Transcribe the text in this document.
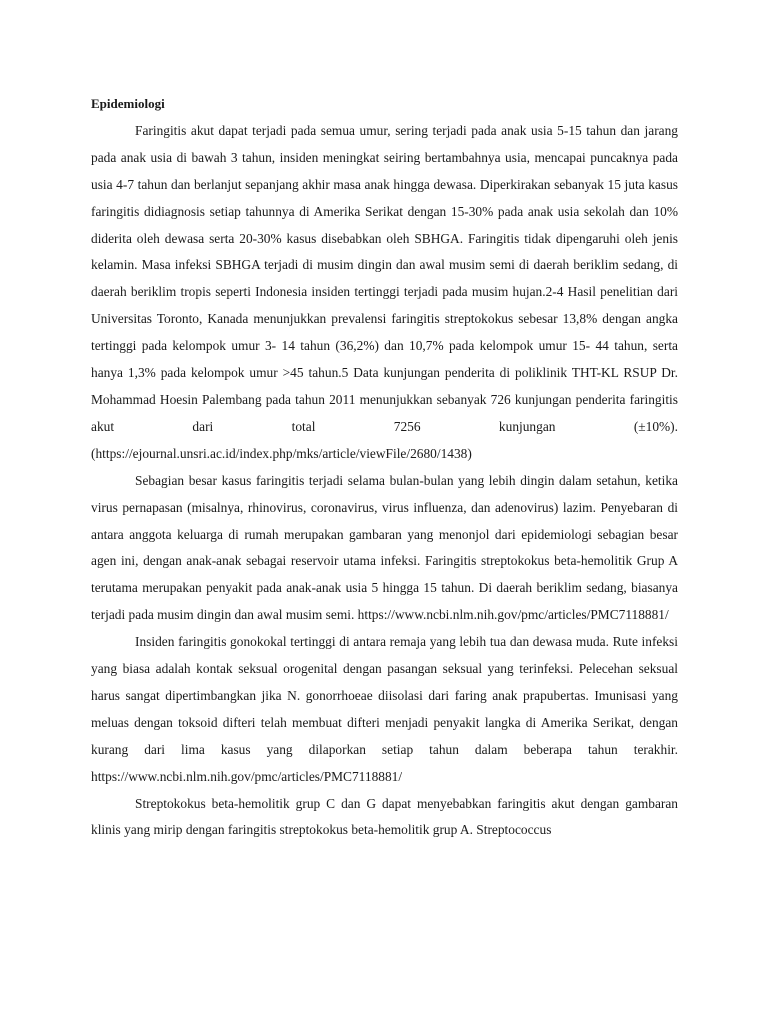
Epidemiologi

Faringitis akut dapat terjadi pada semua umur, sering terjadi pada anak usia 5-15 tahun dan jarang pada anak usia di bawah 3 tahun, insiden meningkat seiring bertambahnya usia, mencapai puncaknya pada usia 4-7 tahun dan berlanjut sepanjang akhir masa anak hingga dewasa. Diperkirakan sebanyak 15 juta kasus faringitis didiagnosis setiap tahunnya di Amerika Serikat dengan 15-30% pada anak usia sekolah dan 10% diderita oleh dewasa serta 20-30% kasus disebabkan oleh SBHGA. Faringitis tidak dipengaruhi oleh jenis kelamin. Masa infeksi SBHGA terjadi di musim dingin dan awal musim semi di daerah beriklim sedang, di daerah beriklim tropis seperti Indonesia insiden tertinggi terjadi pada musim hujan.2-4 Hasil penelitian dari Universitas Toronto, Kanada menunjukkan prevalensi faringitis streptokokus sebesar 13,8% dengan angka tertinggi pada kelompok umur 3- 14 tahun (36,2%) dan 10,7% pada kelompok umur 15- 44 tahun, serta hanya 1,3% pada kelompok umur >45 tahun.5 Data kunjungan penderita di poliklinik THT-KL RSUP Dr. Mohammad Hoesin Palembang pada tahun 2011 menunjukkan sebanyak 726 kunjungan penderita faringitis akut dari total 7256 kunjungan (±10%). (https://ejournal.unsri.ac.id/index.php/mks/article/viewFile/2680/1438)

Sebagian besar kasus faringitis terjadi selama bulan-bulan yang lebih dingin dalam setahun, ketika virus pernapasan (misalnya, rhinovirus, coronavirus, virus influenza, dan adenovirus) lazim. Penyebaran di antara anggota keluarga di rumah merupakan gambaran yang menonjol dari epidemiologi sebagian besar agen ini, dengan anak-anak sebagai reservoir utama infeksi. Faringitis streptokokus beta-hemolitik Grup A terutama merupakan penyakit pada anak-anak usia 5 hingga 15 tahun. Di daerah beriklim sedang, biasanya terjadi pada musim dingin dan awal musim semi. https://www.ncbi.nlm.nih.gov/pmc/articles/PMC7118881/

Insiden faringitis gonokokal tertinggi di antara remaja yang lebih tua dan dewasa muda. Rute infeksi yang biasa adalah kontak seksual orogenital dengan pasangan seksual yang terinfeksi. Pelecehan seksual harus sangat dipertimbangkan jika N. gonorrhoeae diisolasi dari faring anak prapubertas. Imunisasi yang meluas dengan toksoid difteri telah membuat difteri menjadi penyakit langka di Amerika Serikat, dengan kurang dari lima kasus yang dilaporkan setiap tahun dalam beberapa tahun terakhir. https://www.ncbi.nlm.nih.gov/pmc/articles/PMC7118881/

Streptokokus beta-hemolitik grup C dan G dapat menyebabkan faringitis akut dengan gambaran klinis yang mirip dengan faringitis streptokokus beta-hemolitik grup A. Streptococcus
